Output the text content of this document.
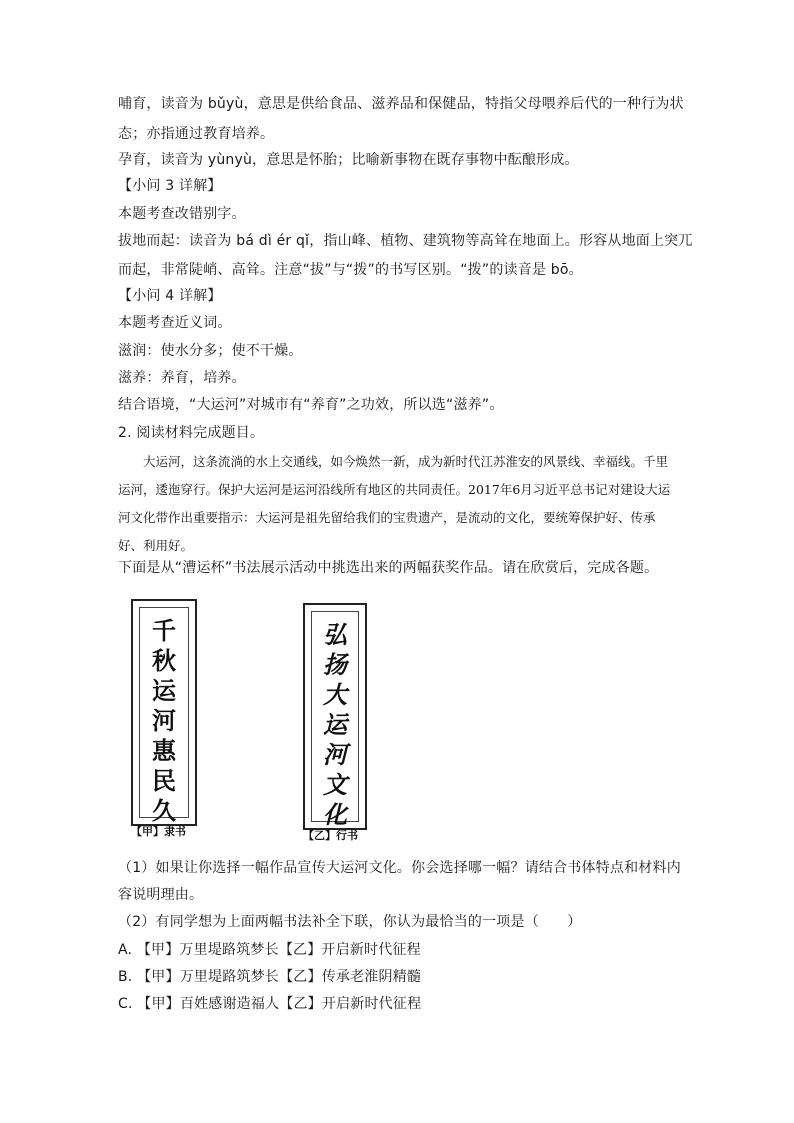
哺育，读音为 bǔyù，意思是供给食品、滋养品和保健品，特指父母喂养后代的一种行为状
态；亦指通过教育培养。
孕育，读音为 yùnyù，意思是怀胎；比喻新事物在既存事物中酝酿形成。
【小问 3 详解】
本题考查改错别字。
拔地而起：读音为 bá dì ér qǐ，指山峰、植物、建筑物等高耸在地面上。形容从地面上突兀
而起，非常陡峭、高耸。注意“拔”与“拨”的书写区别。“拨”的读音是 bō。
【小问 4 详解】
本题考查近义词。
滋润：使水分多；使不干燥。
滋养：养育，培养。
结合语境，“大运河”对城市有“养育”之功效，所以选“滋养”。
2. 阅读材料完成题目。

大运河，这条流淌的水上交通线，如今焕然一新，成为新时代江苏淮安的风景线、幸福线。千里运河，逶迤穿行。保护大运河是运河沿线所有地区的共同责任。2017年6月习近平总书记对建设大运河文化带作出重要指示：大运河是祖先留给我们的宝贵遗产，是流动的文化，要统筹保护好、传承好、利用好。

下面是从“漕运杯”书法展示活动中挑选出来的两幅获奖作品。请在欣赏后，完成各题。
千
秋
运
河
惠
民
久
【甲】隶书
弘
扬
大
运
河
文
化
【乙】行书
（1）如果让你选择一幅作品宣传大运河文化。你会选择哪一幅？请结合书体特点和材料内
容说明理由。
（2）有同学想为上面两幅书法补全下联，你认为最恰当的一项是（　　）
A. 【甲】万里堤路筑梦长【乙】开启新时代征程
B. 【甲】万里堤路筑梦长【乙】传承老淮阴精髓
C. 【甲】百姓感谢造福人【乙】开启新时代征程
